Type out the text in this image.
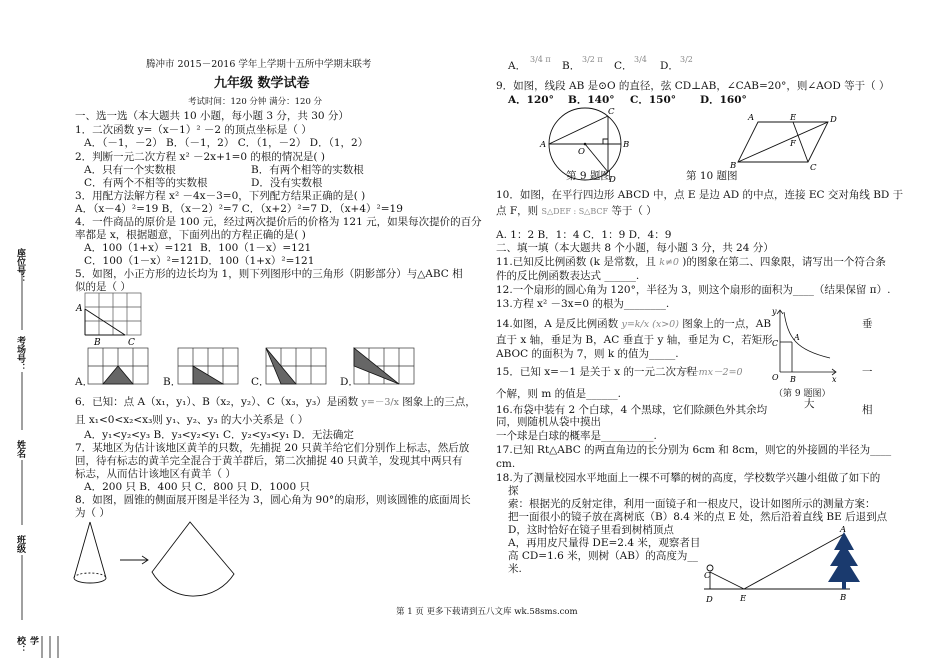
座位号：
考场号：
姓名
班级
学校：
腾冲市 2015－2016 学年上学期十五所中学期末联考
九年级 数学试卷
考试时间：120 分钟 满分：120 分
一、选一选（本大题共 10 小题，每小题 3 分，共 30 分）
1．二次函数 y=（x－1）² －2 的顶点坐标是（ ）
A．（－1，－2） B．（－1，2） C．（1，－2） D．（1，2）
2．判断一元二次方程 x² －2x+1=0 的根的情况是( )
A．只有一个实数根	B．有两个相等的实数根
C．有两个不相等的实数根	D．没有实数根
3．用配方法解方程 x² －4x－3=0，下列配方结果正确的是( )
A．（x－4）²=19 B．（x－2）²=7 C．（x+2）²=7 D．（x+4）²=19
4．一件商品的原价是 100 元，经过两次提价后的价格为 121 元，如果每次提价的百分
率都是 x，根据题意，下面列出的方程正确的是( )
A．100（1+x）=121 B．100（1－x）=121
C．100（1－x）²=121 D．100（1+x）²=121
5．如图，小正方形的边长均为 1，则下列图形中的三角形（阴影部分）与△ABC 相
似的是（ ）
A
B	C
A．	B．	C．	D．
6．已知：点 A（x₁，y₁）、B（x₂，y₂）、C（x₃，y₃）是函数 y=－3/x 图象上的三点，
且 x₁<0<x₂<x₃则 y₁、y₂、y₃ 的大小关系是（ ）
A．y₁<y₂<y₃ B．y₃<y₂<y₁ C．y₂<y₃<y₁ D．无法确定
7．某地区为估计该地区黄羊的只数，先捕捉 20 只黄羊给它们分别作上标志，然后放
回，待有标志的黄羊完全混合于黄羊群后，第二次捕捉 40 只黄羊，发现其中两只有
标志，从而估计该地区有黄羊（ ）
A．200 只 B．400 只 C．800 只 D．1000 只
8．如图，圆锥的侧面展开图是半径为 3，圆心角为 90°的扇形，则该圆锥的底面周长
为（ ）
A．
3/4 π
B．
3/2 π
C．
3/4
D．
3/2
9．如图，线段 AB 是⊙O 的直径，弦 CD⊥AB，∠CAB=20°，则∠AOD 等于（ ）
A．120° B．140° C．150° D．160°
A	B
C
D
O
第 9 题图
A
B	C
D
E
F
第 10 题图
10．如图，在平行四边形 ABCD 中，点 E 是边 AD 的中点，连接 EC 交对角线 BD 于
点 F，则 S△DEF : S△BCF 等于（ ）
A. 1：2 B．1：4 C．1：9 D．4：9
二、填一填（本大题共 8 个小题，每小题 3 分，共 24 分）
11.已知反比例函数 (k 是常数，且 k≠0 )的图象在第二、四象限，请写出一个符合条
件的反比例函数表达式 ______.
12.一个扇形的圆心角为 120°，半径为 3，则这个扇形的面积为____（结果保留 π）.
13.方程 x² －3x=0 的根为________.
14.如图，A 是反比例函数 y=k/x (x>0) 图象上的一点，AB	垂
直于 x 轴，垂足为 B，AC 垂直于 y 轴，垂足为 C，若矩形
ABOC 的面积为 7，则 k 的值为_____.
y
A
C
O B	x
（第 9 题图）
15．已知 x=－1 是关于 x 的一元二次方程
x²－mx－2=0	一
个解，则 m 的值是______.
16.布袋中装有 2 个白球，4 个黑球，它们除颜色外其余均	大	相
同，则随机从袋中摸出
一个球是白球的概率是__________.
17.已知 Rt△ABC 的两直角边的长分别为 6cm 和 8cm，则它的外接圆的半径为____
cm.
18.为了测量校园水平地面上一棵不可攀的树的高度，学校数学兴趣小组做了如下的
探
索：根据光的反射定律，利用一面镜子和一根皮尺，设计如图所示的测量方案：
把一面很小的镜子放在离树底（B）8.4 米的点 E 处，然后沿着直线 BE 后退到点
D，这时恰好在镜子里看到树梢顶点
A，再用皮尺量得 DE=2.4 米，观察者目
高 CD=1.6 米，则树（AB）的高度为__
米.
A
B
C
D	E
第 1 页 更多下载请到五八文库 wk.58sms.com
